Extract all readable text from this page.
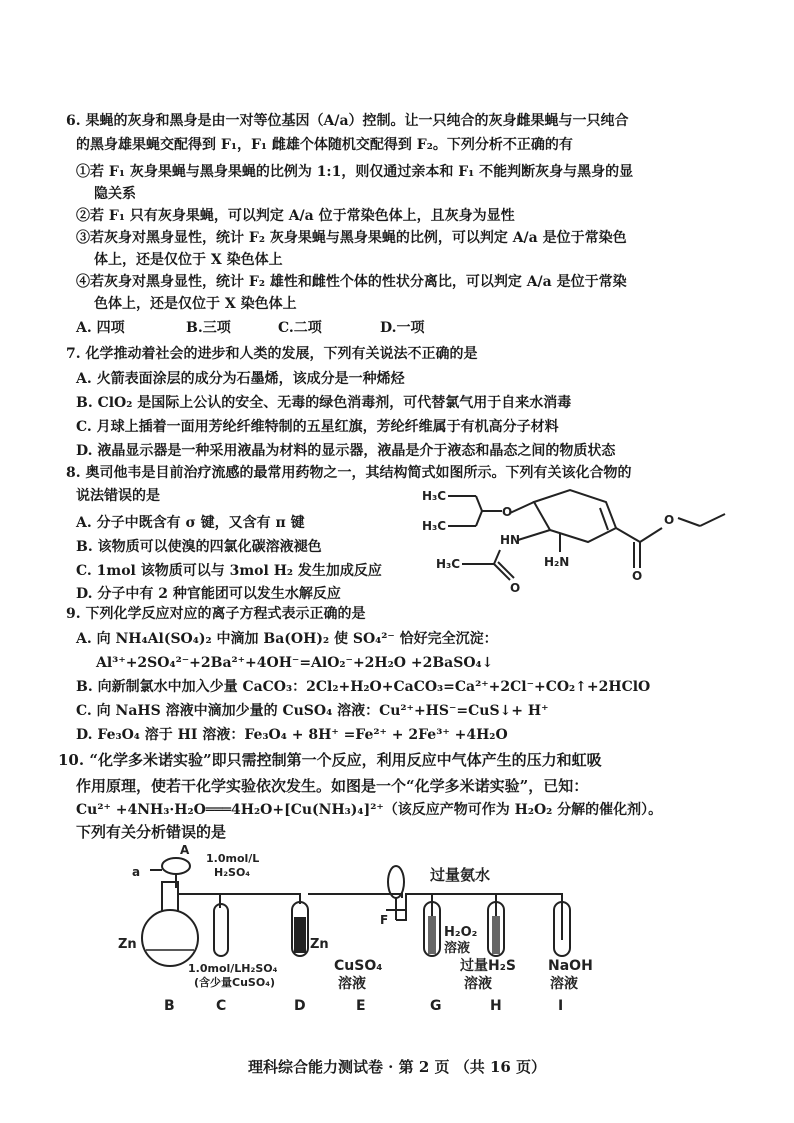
6. 果蝇的灰身和黑身是由一对等位基因（A/a）控制。让一只纯合的灰身雌果蝇与一只纯合
的黑身雄果蝇交配得到 F₁，F₁ 雌雄个体随机交配得到 F₂。下列分析不正确的有
①若 F₁ 灰身果蝇与黑身果蝇的比例为 1:1，则仅通过亲本和 F₁ 不能判断灰身与黑身的显
隐关系
②若 F₁ 只有灰身果蝇，可以判定 A/a 位于常染色体上，且灰身为显性
③若灰身对黑身显性，统计 F₂ 灰身果蝇与黑身果蝇的比例，可以判定 A/a 是位于常染色
体上，还是仅位于 X 染色体上
④若灰身对黑身显性，统计 F₂ 雄性和雌性个体的性状分离比，可以判定 A/a 是位于常染
色体上，还是仅位于 X 染色体上
A. 四项	B.三项	C.二项	D.一项
7. 化学推动着社会的进步和人类的发展，下列有关说法不正确的是
A. 火箭表面涂层的成分为石墨烯，该成分是一种烯烃
B. ClO₂ 是国际上公认的安全、无毒的绿色消毒剂，可代替氯气用于自来水消毒
C. 月球上插着一面用芳纶纤维特制的五星红旗，芳纶纤维属于有机高分子材料
D. 液晶显示器是一种采用液晶为材料的显示器，液晶是介于液态和晶态之间的物质状态
8. 奥司他韦是目前治疗流感的最常用药物之一，其结构简式如图所示。下列有关该化合物的
说法错误的是
A. 分子中既含有 σ 键，又含有 π 键
B. 该物质可以使溴的四氯化碳溶液褪色
C. 1mol 该物质可以与 3mol H₂ 发生加成反应
D. 分子中有 2 种官能团可以发生水解反应
H₃C
H₃C
O
O
O
HN
H₂N
H₃C
O
9. 下列化学反应对应的离子方程式表示正确的是
A. 向 NH₄Al(SO₄)₂ 中滴加 Ba(OH)₂ 使 SO₄²⁻ 恰好完全沉淀：
Al³⁺+2SO₄²⁻+2Ba²⁺+4OH⁻=AlO₂⁻+2H₂O +2BaSO₄↓
B. 向新制氯水中加入少量 CaCO₃：2Cl₂+H₂O+CaCO₃=Ca²⁺+2Cl⁻+CO₂↑+2HClO
C. 向 NaHS 溶液中滴加少量的 CuSO₄ 溶液：Cu²⁺+HS⁻=CuS↓+ H⁺
D. Fe₃O₄ 溶于 HI 溶液：Fe₃O₄ + 8H⁺ =Fe²⁺ + 2Fe³⁺ +4H₂O
10. “化学多米诺实验”即只需控制第一个反应，利用反应中气体产生的压力和虹吸
作用原理，使若干化学实验依次发生。如图是一个“化学多米诺实验”，已知：
Cu²⁺ +4NH₃·H₂O═══4H₂O+[Cu(NH₃)₄]²⁺（该反应产物可作为 H₂O₂ 分解的催化剂）。
下列有关分析错误的是
A
a
1.0mol/L
H₂SO₄	过量氨水
F
Zn	Zn
H₂O₂
溶液
1.0mol/LH₂SO₄
(含少量CuSO₄)
CuSO₄
溶液
过量H₂S
溶液
NaOH
溶液
B	C	D	E	G	H	I
理科综合能力测试卷 · 第 2 页 （共 16 页）
